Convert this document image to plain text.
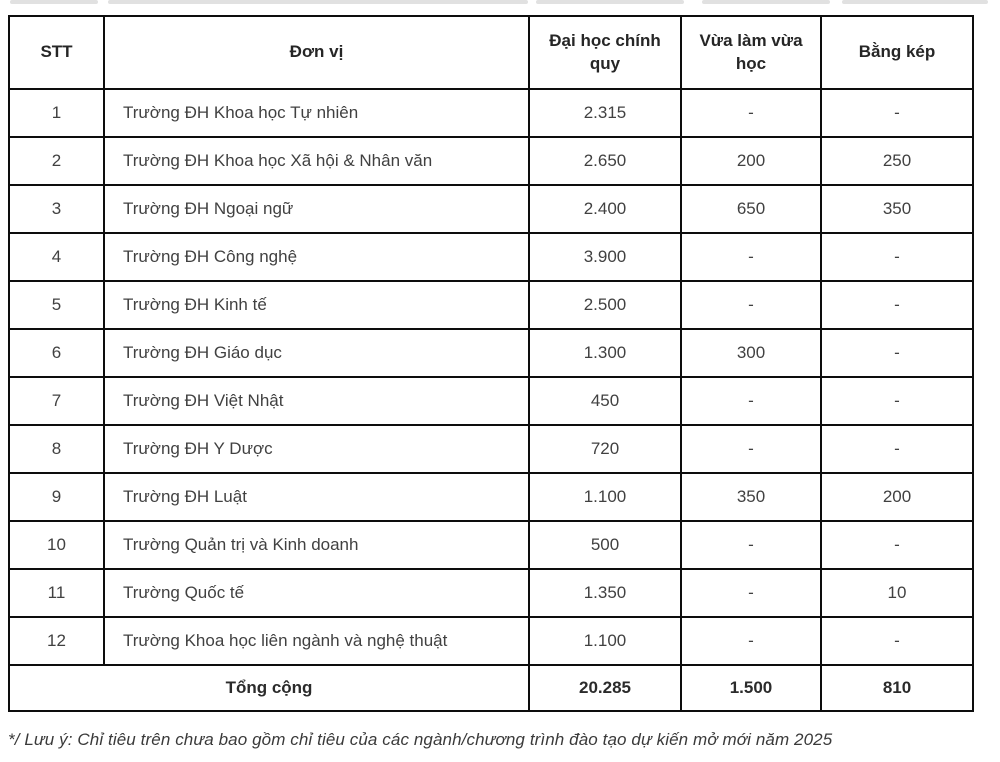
STT	Đơn vị	Đại học chính quy	Vừa làm vừa học	Bằng kép
1	Trường ĐH Khoa học Tự nhiên	2.315	-	-
2	Trường ĐH Khoa học Xã hội & Nhân văn	2.650	200	250
3	Trường ĐH Ngoại ngữ	2.400	650	350
4	Trường ĐH Công nghệ	3.900	-	-
5	Trường ĐH Kinh tế	2.500	-	-
6	Trường ĐH Giáo dục	1.300	300	-
7	Trường ĐH Việt Nhật	450	-	-
8	Trường ĐH Y Dược	720	-	-
9	Trường ĐH Luật	1.100	350	200
10	Trường Quản trị và Kinh doanh	500	-	-
11	Trường Quốc tế	1.350	-	10
12	Trường Khoa học liên ngành và nghệ thuật	1.100	-	-
Tổng cộng		20.285	1.500	810
*/ Lưu ý: Chỉ tiêu trên chưa bao gồm chỉ tiêu của các ngành/chương trình đào tạo dự kiến mở mới năm 2025
